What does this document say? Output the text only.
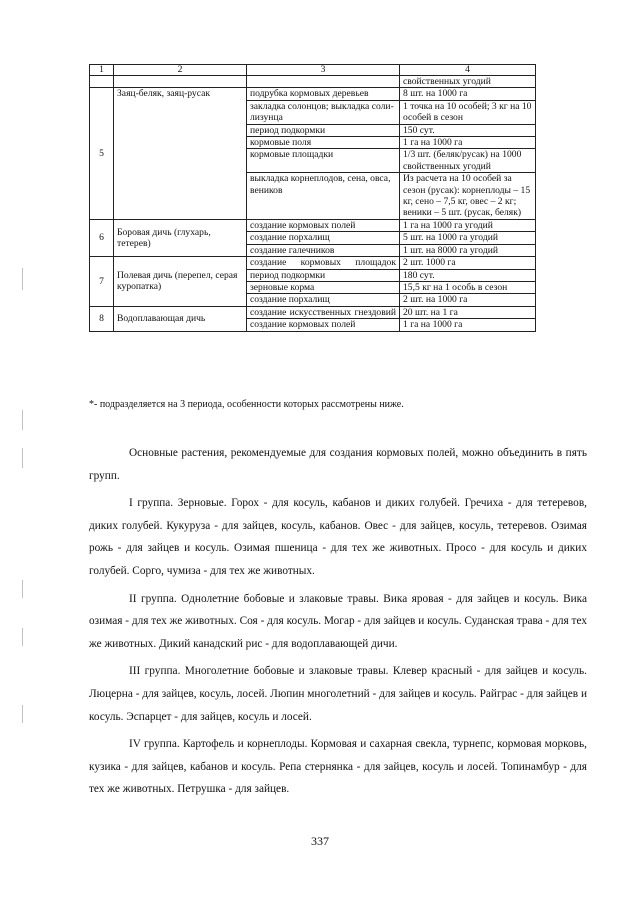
1	2	3	4
			свойственных угодий
5	Заяц-беляк, заяц-русак	подрубка кормовых деревьев	8 шт. на 1000 га
		закладка солонцов; выкладка соли-лизунца	1 точка на 10 особей; 3 кг на 10 особей в сезон
		период подкормки	150 сут.
		кормовые поля	1 га на 1000 га
		кормовые площадки	1/3 шт. (беляк/русак) на 1000 свойственных угодий
		выкладка корнеплодов, сена, овса, веников	Из расчета на 10 особей за сезон (русак): корнеплоды – 15 кг, сено – 7,5 кг, овес – 2 кг; веники – 5 шт. (русак, беляк)
6	Боровая дичь (глухарь, тетерев)	создание кормовых полей	1 га на 1000 га угодий
		создание порхалищ	5 шт. на 1000 га угодий
		создание галечников	1 шт. на 8000 га угодий
7	Полевая дичь (перепел, серая куропатка)	создание кормовых площадок	2 шт. 1000 га
		период подкормки	180 сут.
		зерновые корма	15,5 кг на 1 особь в сезон
		создание порхалищ	2 шт. на 1000 га
8	Водоплавающая дичь	создание искусственных гнездовий	20 шт. на 1 га
		создание кормовых полей	1 га на 1000 га
*- подразделяется на 3 периода, особенности которых рассмотрены ниже.

Основные растения, рекомендуемые для создания кормовых полей, можно объединить в пять групп.

I группа. Зерновые. Горох - для косуль, кабанов и диких голубей. Гречиха - для тетеревов, диких голубей. Кукуруза - для зайцев, косуль, кабанов. Овес - для зайцев, косуль, тетеревов. Озимая рожь - для зайцев и косуль. Озимая пшеница - для тех же животных. Просо - для косуль и диких голубей. Сорго, чумиза - для тех же животных.

II группа. Однолетние бобовые и злаковые травы. Вика яровая - для зайцев и косуль. Вика озимая - для тех же животных. Соя - для косуль. Могар - для зайцев и косуль. Суданская трава - для тех же животных. Дикий канадский рис - для водоплавающей дичи.

III группа. Многолетние бобовые и злаковые травы. Клевер красный - для зайцев и косуль. Люцерна - для зайцев, косуль, лосей. Люпин многолетний - для зайцев и косуль. Райграс - для зайцев и косуль. Эспарцет - для зайцев, косуль и лосей.

IV группа. Картофель и корнеплоды. Кормовая и сахарная свекла, турнепс, кормовая морковь, кузика - для зайцев, кабанов и косуль. Репа стернянка - для зайцев, косуль и лосей. Топинамбур - для тех же животных. Петрушка - для зайцев.

337
